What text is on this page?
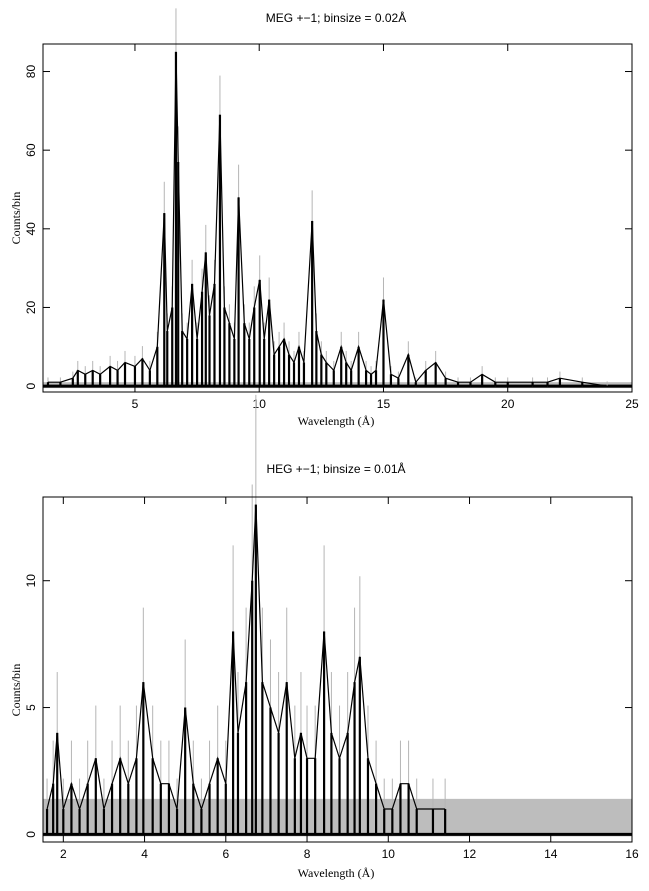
MEG +−1; binsize = 0.02Å
5	10	15	20	25
0
20
40
60
80
Wavelength (Å)
Counts/bin
HEG +−1; binsize = 0.01Å
2	4	6	8	10	12	14	16
0
5
10
Wavelength (Å)
Counts/bin
